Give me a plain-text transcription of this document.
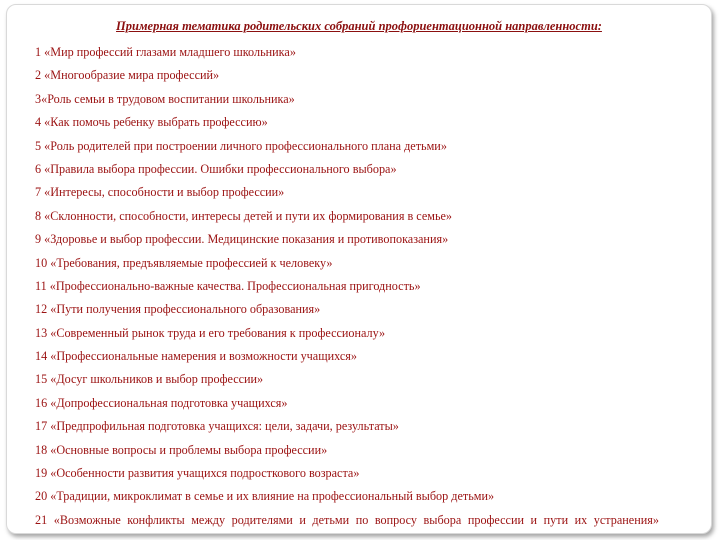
Примерная тематика родительских собраний профориентационной направленности:
1 «Мир профессий глазами младшего школьника»
2 «Многообразие мира профессий»
3«Роль семьи в трудовом воспитании школьника»
4 «Как помочь ребенку выбрать профессию»
5 «Роль родителей при построении личного профессионального плана детьми»
6 «Правила выбора профессии. Ошибки профессионального выбора»
7 «Интересы, способности и выбор профессии»
8 «Склонности, способности, интересы детей и пути их формирования в семье»
9 «Здоровье и выбор профессии. Медицинские показания и противопоказания»
10 «Требования, предъявляемые профессией к человеку»
11 «Профессионально-важные качества. Профессиональная пригодность»
12 «Пути получения профессионального образования»
13 «Современный рынок труда и его требования к профессионалу»
14 «Профессиональные намерения и возможности учащихся»
15 «Досуг школьников и выбор профессии»
16 «Допрофессиональная подготовка учащихся»
17 «Предпрофильная подготовка учащихся: цели, задачи, результаты»
18 «Основные вопросы и проблемы выбора профессии»
19 «Особенности развития учащихся подросткового возраста»
20 «Традиции, микроклимат в семье и их влияние на профессиональный выбор детьми»
21 «Возможные конфликты между родителями и детьми по вопросу выбора профессии и пути их устранения»
